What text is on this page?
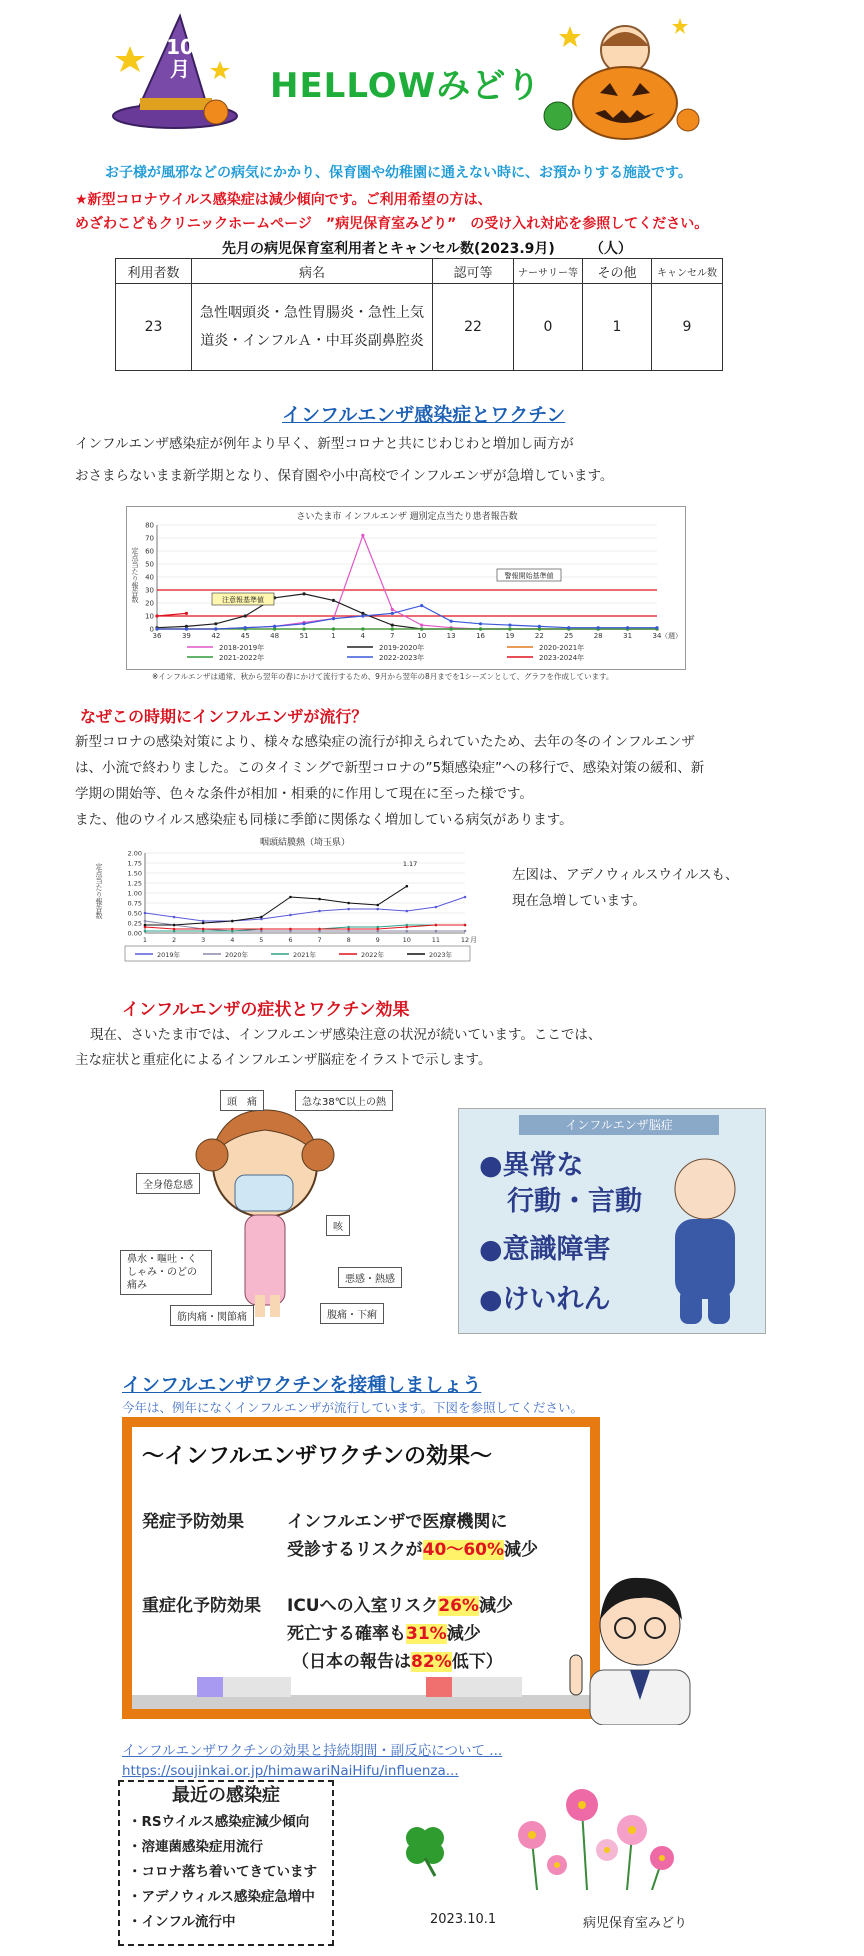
10
月 HELLOWみどり
お子様が風邪などの病気にかかり、保育園や幼稚園に通えない時に、お預かりする施設です。
★新型コロナウイルス感染症は減少傾向です。ご利用希望の方は、
めざわこどもクリニックホームページ　”病児保育室みどり”　の受け入れ対応を参照してください。
先月の病児保育室利用者とキャンセル数(2023.9月)　　　（人）
利用者数	病名	認可等	ナーサリー等	その他	キャンセル数
23	急性咽頭炎・急性胃腸炎・急性上気道炎・インフルＡ・中耳炎副鼻腔炎	22	0	1	9
インフルエンザ感染症とワクチン
インフルエンザ感染症が例年より早く、新型コロナと共にじわじわと増加し両方が
おさまらないまま新学期となり、保育園や小中高校でインフルエンザが急増しています。
さいたま市 インフルエンザ 週別定点当たり患者報告数
0
10
20
30
40
50
60
70
80
36	39	42	45	48	51	1	4	7	10	13	16	19	22	25	28	31	34
定点当たり報告数
（週）
注意報基準値
警報開始基準値
2018-2019年	2019-2020年	2020-2021年
2021-2022年	2022-2023年	2023-2024年
※インフルエンザは通常、秋から翌年の春にかけて流行するため、9月から翌年の8月までを1シーズンとして、グラフを作成しています。
なぜこの時期にインフルエンザが流行？
新型コロナの感染対策により、様々な感染症の流行が抑えられていたため、去年の冬のインフルエンザ
は、小流で終わりました。このタイミングで新型コロナの”5類感染症”への移行で、感染対策の緩和、新
学期の開始等、色々な条件が相加・相乗的に作用して現在に至った様です。
また、他のウイルス感染症も同様に季節に関係なく増加している病気があります。
咽頭結膜熱（埼玉県）
0.00
0.25
0.50
0.75
1.00
1.25
1.50
1.75
2.00
1	2	3	4	5	6	7	8	9	10	11	12
定点当たり報告数
月
1.17
2019年	2020年	2021年	2022年	2023年
左図は、アデノウィルスウイルスも、
現在急増しています。
インフルエンザの症状とワクチン効果
現在、さいたま市では、インフルエンザ感染注意の状況が続いています。ここでは、
主な症状と重症化によるインフルエンザ脳症をイラストで示します。
頭　痛	急な38℃以上の熱
全身倦怠感
咳
鼻水・嘔吐・くしゃみ・のどの痛み
悪感・熱感
筋肉痛・関節痛	腹痛・下痢
インフルエンザ脳症
●異常な
行動・言動
●意識障害
●けいれん
インフルエンザワクチンを接種しましょう
今年は、例年になくインフルエンザが流行しています。下図を参照してください。
～インフルエンザワクチンの効果～
発症予防効果	インフルエンザで医療機関に
受診するリスクが40～60%減少
重症化予防効果 ICUへの入室リスク26%減少
死亡する確率も31%減少
（日本の報告は82%低下）
インフルエンザワクチンの効果と持続期間・副反応について ...
https://soujinkai.or.jp/himawariNaiHifu/influenza...
最近の感染症
・RSウイルス感染症減少傾向
・溶連菌感染症用流行
・コロナ落ち着いてきています
・アデノウィルス感染症急増中
・インフル流行中	2023.10.1	病児保育室みどり
